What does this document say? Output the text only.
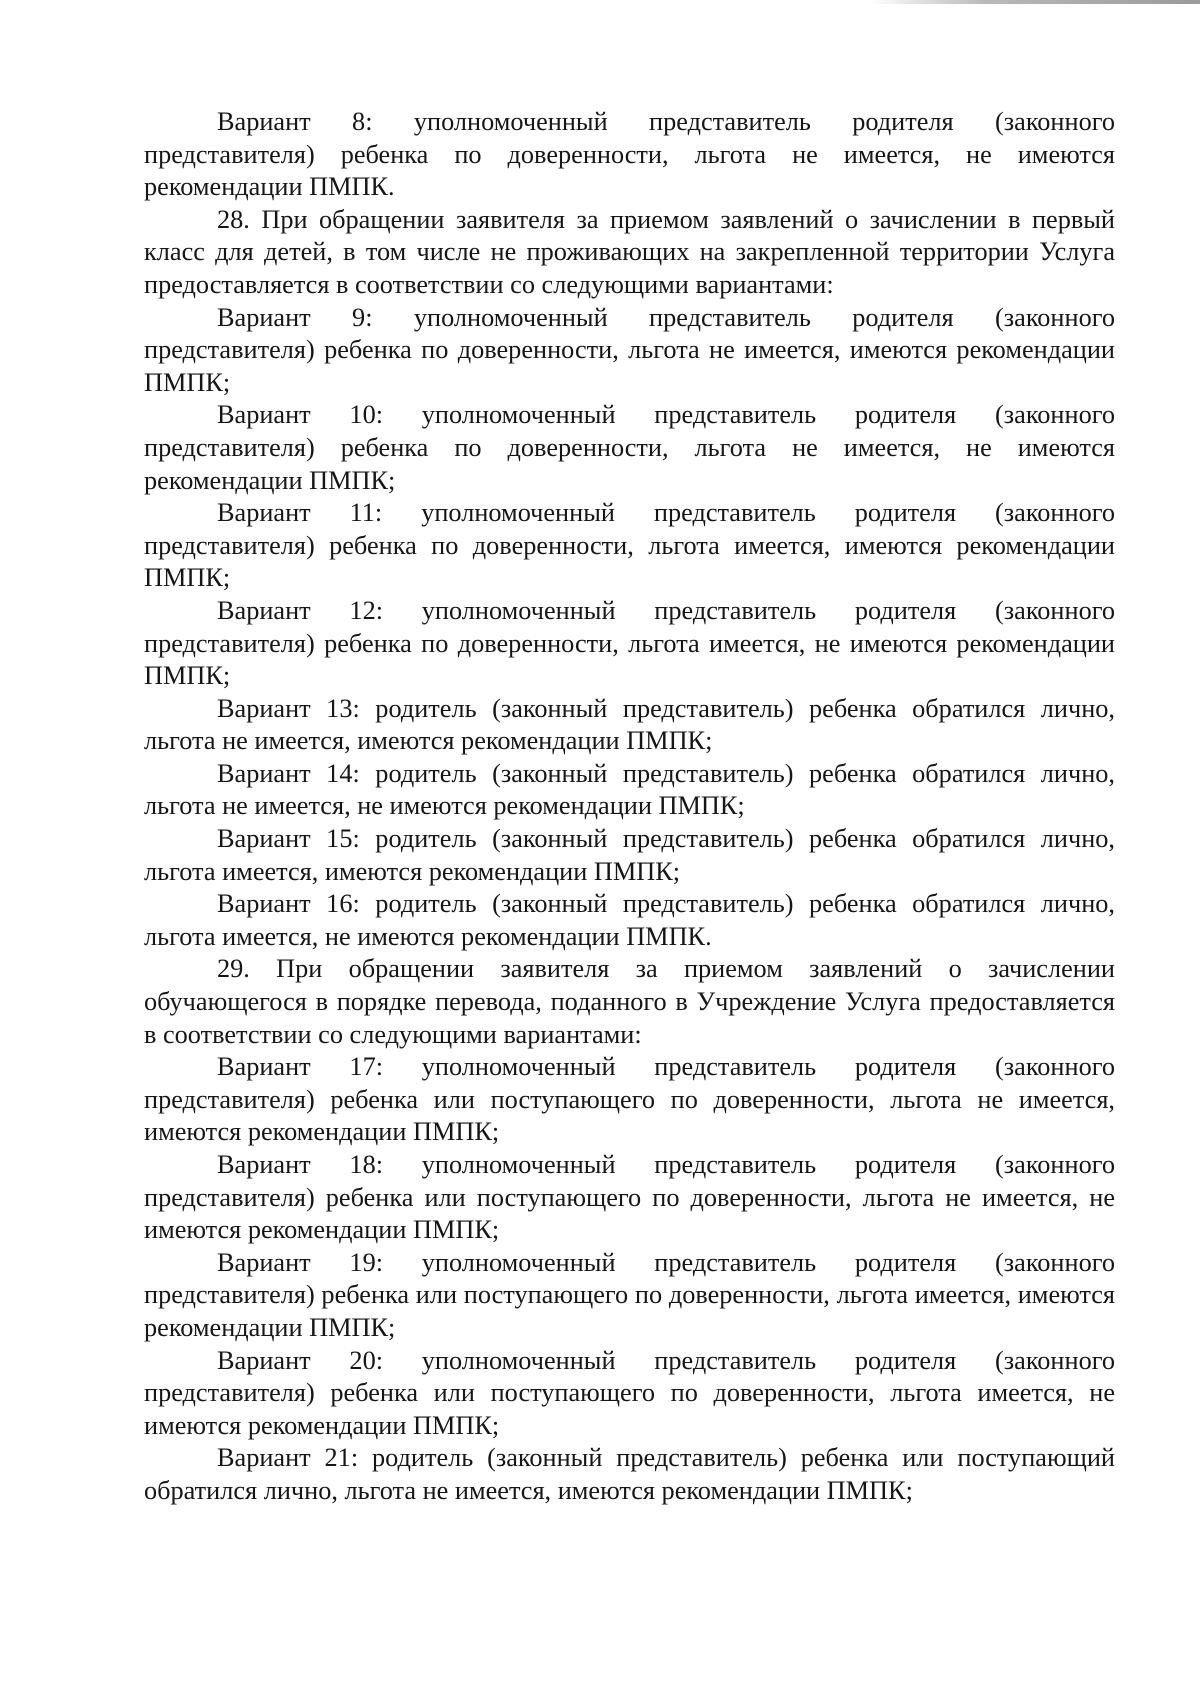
Вариант 8: уполномоченный представитель родителя (законного представителя) ребенка по доверенности, льгота не имеется, не имеются рекомендации ПМПК.

28. При обращении заявителя за приемом заявлений о зачислении в первый класс для детей, в том числе не проживающих на закрепленной территории Услуга предоставляется в соответствии со следующими вариантами:

Вариант 9: уполномоченный представитель родителя (законного представителя) ребенка по доверенности, льгота не имеется, имеются рекомендации ПМПК;

Вариант 10: уполномоченный представитель родителя (законного представителя) ребенка по доверенности, льгота не имеется, не имеются рекомендации ПМПК;

Вариант 11: уполномоченный представитель родителя (законного представителя) ребенка по доверенности, льгота имеется, имеются рекомендации ПМПК;

Вариант 12: уполномоченный представитель родителя (законного представителя) ребенка по доверенности, льгота имеется, не имеются рекомендации ПМПК;

Вариант 13: родитель (законный представитель) ребенка обратился лично, льгота не имеется, имеются рекомендации ПМПК;

Вариант 14: родитель (законный представитель) ребенка обратился лично, льгота не имеется, не имеются рекомендации ПМПК;

Вариант 15: родитель (законный представитель) ребенка обратился лично, льгота имеется, имеются рекомендации ПМПК;

Вариант 16: родитель (законный представитель) ребенка обратился лично, льгота имеется, не имеются рекомендации ПМПК.

29. При обращении заявителя за приемом заявлений о зачислении обучающегося в порядке перевода, поданного в Учреждение Услуга предоставляется в соответствии со следующими вариантами:

Вариант 17: уполномоченный представитель родителя (законного представителя) ребенка или поступающего по доверенности, льгота не имеется, имеются рекомендации ПМПК;

Вариант 18: уполномоченный представитель родителя (законного представителя) ребенка или поступающего по доверенности, льгота не имеется, не имеются рекомендации ПМПК;

Вариант 19: уполномоченный представитель родителя (законного представителя) ребенка или поступающего по доверенности, льгота имеется, имеются рекомендации ПМПК;

Вариант 20: уполномоченный представитель родителя (законного представителя) ребенка или поступающего по доверенности, льгота имеется, не имеются рекомендации ПМПК;

Вариант 21: родитель (законный представитель) ребенка или поступающий обратился лично, льгота не имеется, имеются рекомендации ПМПК;
